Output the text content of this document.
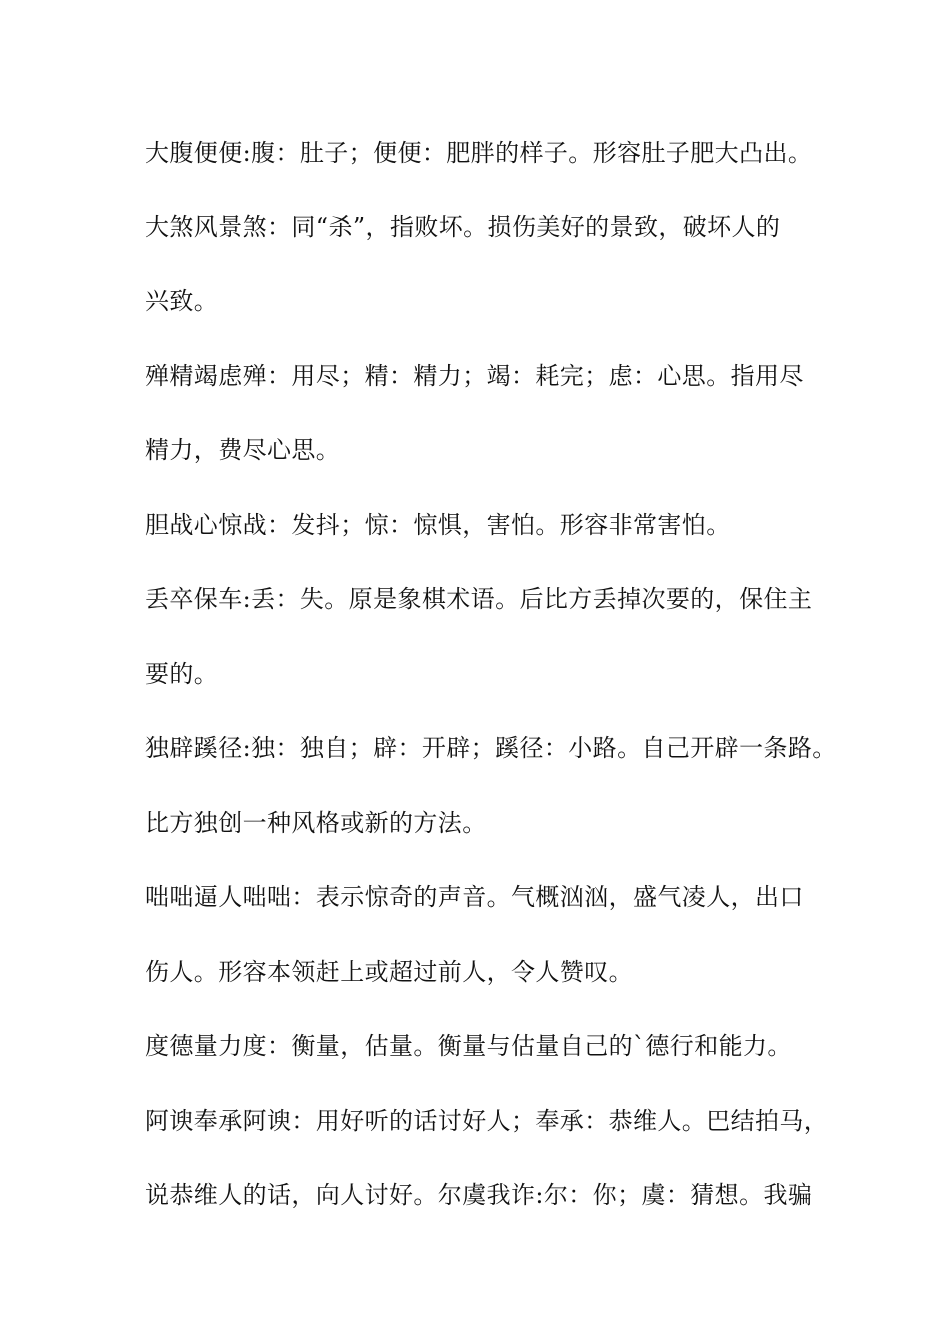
大腹便便:腹：肚子；便便：肥胖的样子。形容肚子肥大凸出。
大煞风景煞：同“杀”，指败坏。损伤美好的景致，破坏人的
兴致。
殚精竭虑殚：用尽；精：精力；竭：耗完；虑：心思。指用尽
精力，费尽心思。
胆战心惊战：发抖；惊：惊惧，害怕。形容非常害怕。
丢卒保车:丢：失。原是象棋术语。后比方丢掉次要的，保住主
要的。
独辟蹊径:独：独自；辟：开辟；蹊径：小路。自己开辟一条路。
比方独创一种风格或新的方法。
咄咄逼人咄咄：表示惊奇的声音。气概汹汹，盛气凌人，出口
伤人。形容本领赶上或超过前人，令人赞叹。
度德量力度：衡量，估量。衡量与估量自己的`德行和能力。
阿谀奉承阿谀：用好听的话讨好人；奉承：恭维人。巴结拍马，
说恭维人的话，向人讨好。尔虞我诈:尔：你；虞：猜想。我骗
